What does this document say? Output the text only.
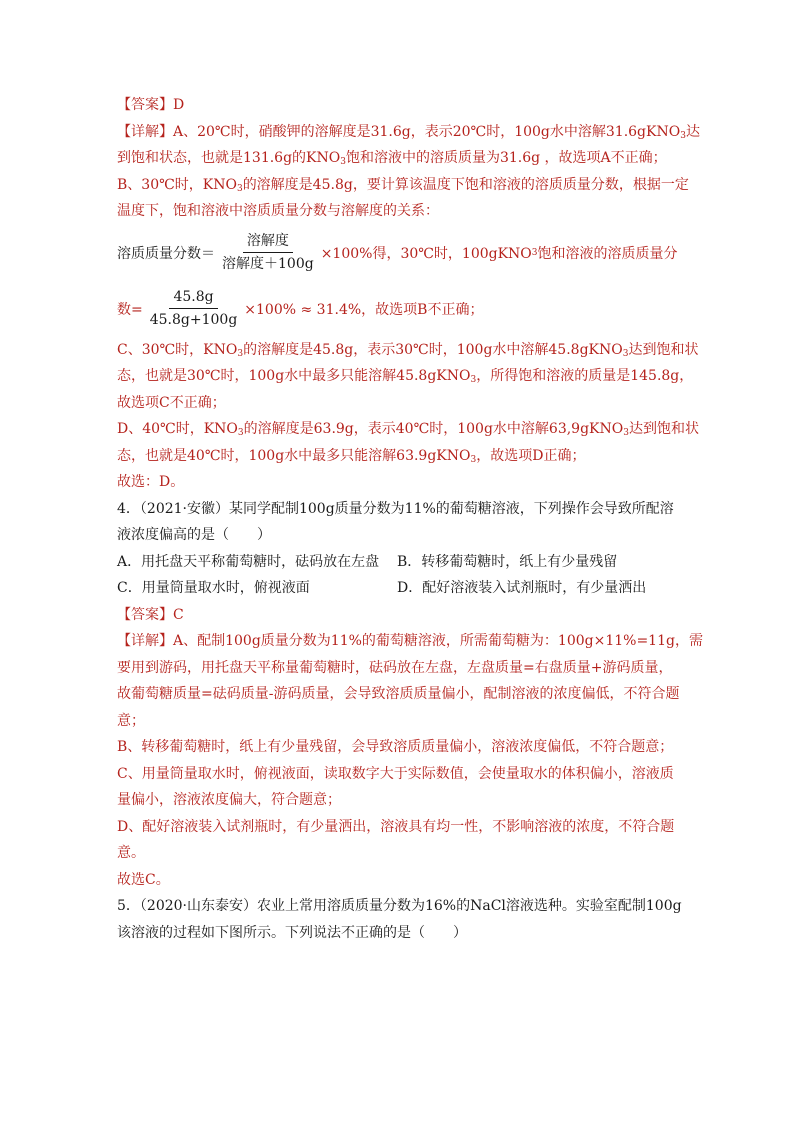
【答案】D
【详解】A、20℃时，硝酸钾的溶解度是31.6g，表示20℃时，100g水中溶解31.6gKNO$_3$达
到饱和状态，也就是131.6g的$KNO_3$饱和溶液中的溶质质量为31.6g ，故选项A不正确；
B、30℃时，$KNO_3$的溶解度是45.8g，要计算该温度下饱和溶液的溶质质量分数，根据一定
温度下，饱和溶液中溶质质量分数与溶解度的关系：
溶质质量分数＝ $\frac{\text{溶解度}}{\text{溶解度＋100g}} \times 100\%$得，30℃时，100gKNO 3 饱和溶液的溶质质量分
数= $\frac{45.8g}{45.8g+100g} \times 100\% \approx 31.4\%$，故选项B不正确；
C、30℃时，$KNO_3$的溶解度是45.8g，表示30℃时，100g水中溶解45.8gKNO$_3$达到饱和状
态，也就是30℃时，100g水中最多只能溶解45.8gKNO$_3$，所得饱和溶液的质量是145.8g，
故选项C不正确；
D、40℃时，$KNO_3$的溶解度是63.9g，表示40℃时，100g水中溶解63,9gKNO$_3$达到饱和状
态，也就是40℃时，100g水中最多只能溶解63.9gKNO$_3$，故选项D正确；
故选：D。
4．（2021·安徽）某同学配制100g质量分数为11%的葡萄糖溶液，下列操作会导致所配溶
液浓度偏高的是（　　）
A．用托盘天平称葡萄糖时，砝码放在左盘	B．转移葡萄糖时，纸上有少量残留
C．用量筒量取水时，俯视液面	D．配好溶液装入试剂瓶时，有少量洒出
【答案】C
【详解】A、配制100g质量分数为11%的葡萄糖溶液，所需葡萄糖为：100g×11%=11g，需
要用到游码，用托盘天平称量葡萄糖时，砝码放在左盘，左盘质量=右盘质量+游码质量，
故葡萄糖质量=砝码质量-游码质量，会导致溶质质量偏小，配制溶液的浓度偏低，不符合题
意；
B、转移葡萄糖时，纸上有少量残留，会导致溶质质量偏小，溶液浓度偏低，不符合题意；
C、用量筒量取水时，俯视液面，读取数字大于实际数值，会使量取水的体积偏小，溶液质
量偏小，溶液浓度偏大，符合题意；
D、配好溶液装入试剂瓶时，有少量洒出，溶液具有均一性，不影响溶液的浓度，不符合题
意。
故选C。
5．（2020·山东泰安）农业上常用溶质质量分数为16%的NaCl溶液选种。实验室配制100g
该溶液的过程如下图所示。下列说法不正确的是（　　）
